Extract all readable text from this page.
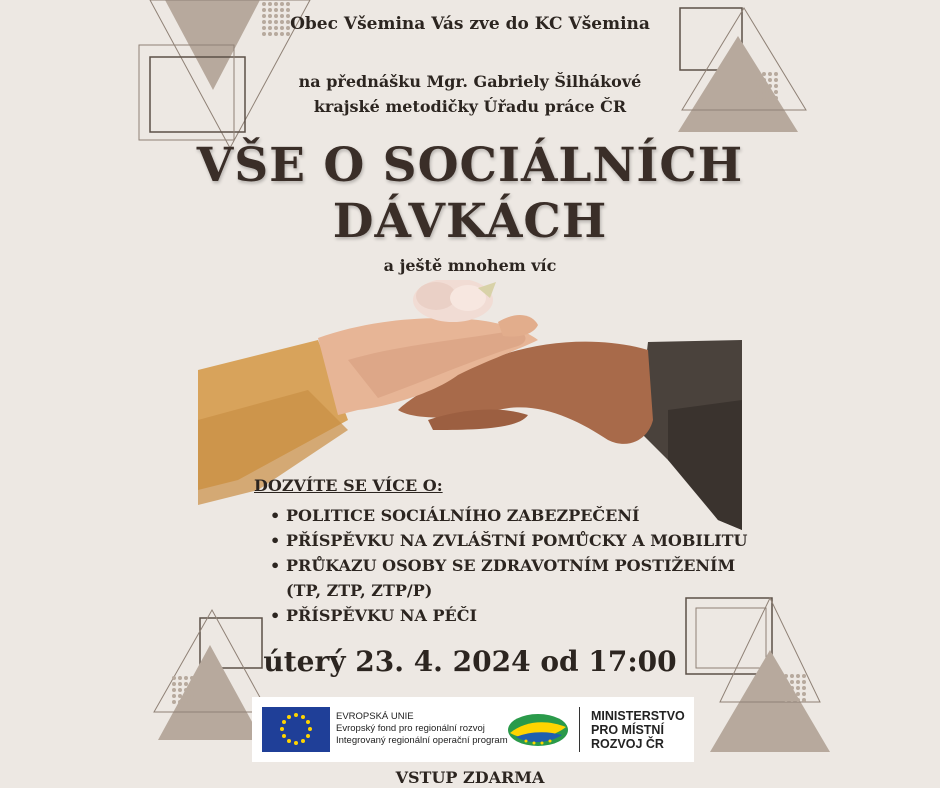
Obec Všemina Vás zve do KC Všemina
na přednášku Mgr. Gabriely Šilhákové
krajské metodičky Úřadu práce ČR
VŠE O SOCIÁLNÍCH
DÁVKÁCH
a ještě mnohem víc
DOZVÍTE SE VÍCE O:
• POLITICE SOCIÁLNÍHO ZABEZPEČENÍ
• PŘÍSPĚVKU NA ZVLÁŠTNÍ POMŮCKY A MOBILITU
• PRŮKAZU OSOBY SE ZDRAVOTNÍM POSTIŽENÍM
(TP, ZTP, ZTP/P)
• PŘÍSPĚVKU NA PÉČI
úterý 23. 4. 2024 od 17:00
EVROPSKÁ UNIE
Evropský fond pro regionální rozvoj
Integrovaný regionální operační program
MINISTERSTVO
PRO MÍSTNÍ
ROZVOJ ČR
VSTUP ZDARMA
